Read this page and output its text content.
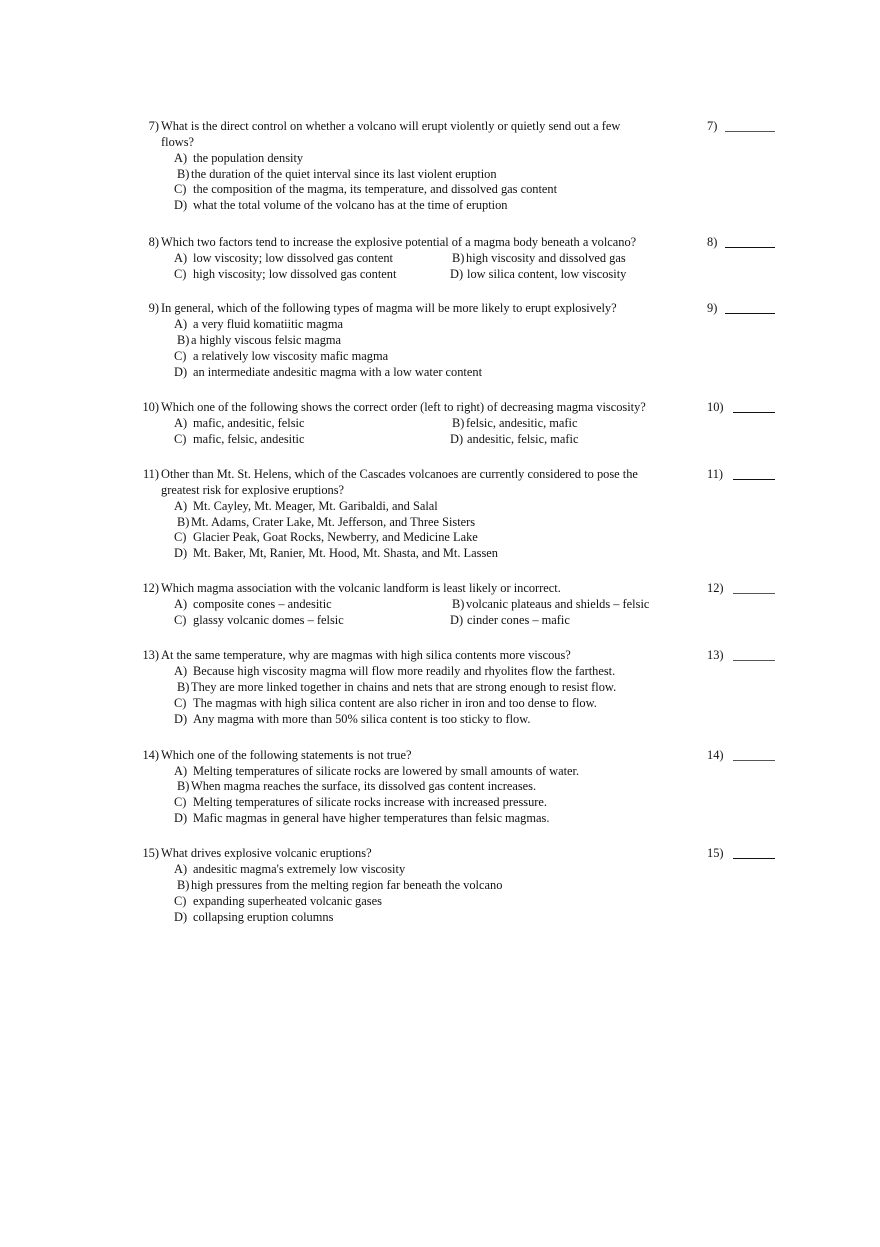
7) What is the direct control on whether a volcano will erupt violently or quietly send out a few
flows?
A) the population density
B) the duration of the quiet interval since its last violent eruption
C) the composition of the magma, its temperature, and dissolved gas content
D) what the total volume of the volcano has at the time of eruption
7)
8) Which two factors tend to increase the explosive potential of a magma body beneath a volcano?
A) low viscosity; low dissolved gas content	B) high viscosity and dissolved gas
C) high viscosity; low dissolved gas content	D) low silica content, low viscosity
8)
9) In general, which of the following types of magma will be more likely to erupt explosively?
A) a very fluid komatiitic magma
B) a highly viscous felsic magma
C) a relatively low viscosity mafic magma
D) an intermediate andesitic magma with a low water content
9)
10) Which one of the following shows the correct order (left to right) of decreasing magma viscosity?
A) mafic, andesitic, felsic	B) felsic, andesitic, mafic
C) mafic, felsic, andesitic	D) andesitic, felsic, mafic
10)
11) Other than Mt. St. Helens, which of the Cascades volcanoes are currently considered to pose the
greatest risk for explosive eruptions?
A) Mt. Cayley, Mt. Meager, Mt. Garibaldi, and Salal
B) Mt. Adams, Crater Lake, Mt. Jefferson, and Three Sisters
C) Glacier Peak, Goat Rocks, Newberry, and Medicine Lake
D) Mt. Baker, Mt, Ranier, Mt. Hood, Mt. Shasta, and Mt. Lassen
11)
12) Which magma association with the volcanic landform is least likely or incorrect.
A) composite cones – andesitic	B) volcanic plateaus and shields – felsic
C) glassy volcanic domes – felsic	D) cinder cones – mafic
12)
13) At the same temperature, why are magmas with high silica contents more viscous?
A) Because high viscosity magma will flow more readily and rhyolites flow the farthest.
B) They are more linked together in chains and nets that are strong enough to resist flow.
C) The magmas with high silica content are also richer in iron and too dense to flow.
D) Any magma with more than 50% silica content is too sticky to flow.
13)
14) Which one of the following statements is not true?
A) Melting temperatures of silicate rocks are lowered by small amounts of water.
B) When magma reaches the surface, its dissolved gas content increases.
C) Melting temperatures of silicate rocks increase with increased pressure.
D) Mafic magmas in general have higher temperatures than felsic magmas.
14)
15) What drives explosive volcanic eruptions?
A) andesitic magma's extremely low viscosity
B) high pressures from the melting region far beneath the volcano
C) expanding superheated volcanic gases
D) collapsing eruption columns
15)
